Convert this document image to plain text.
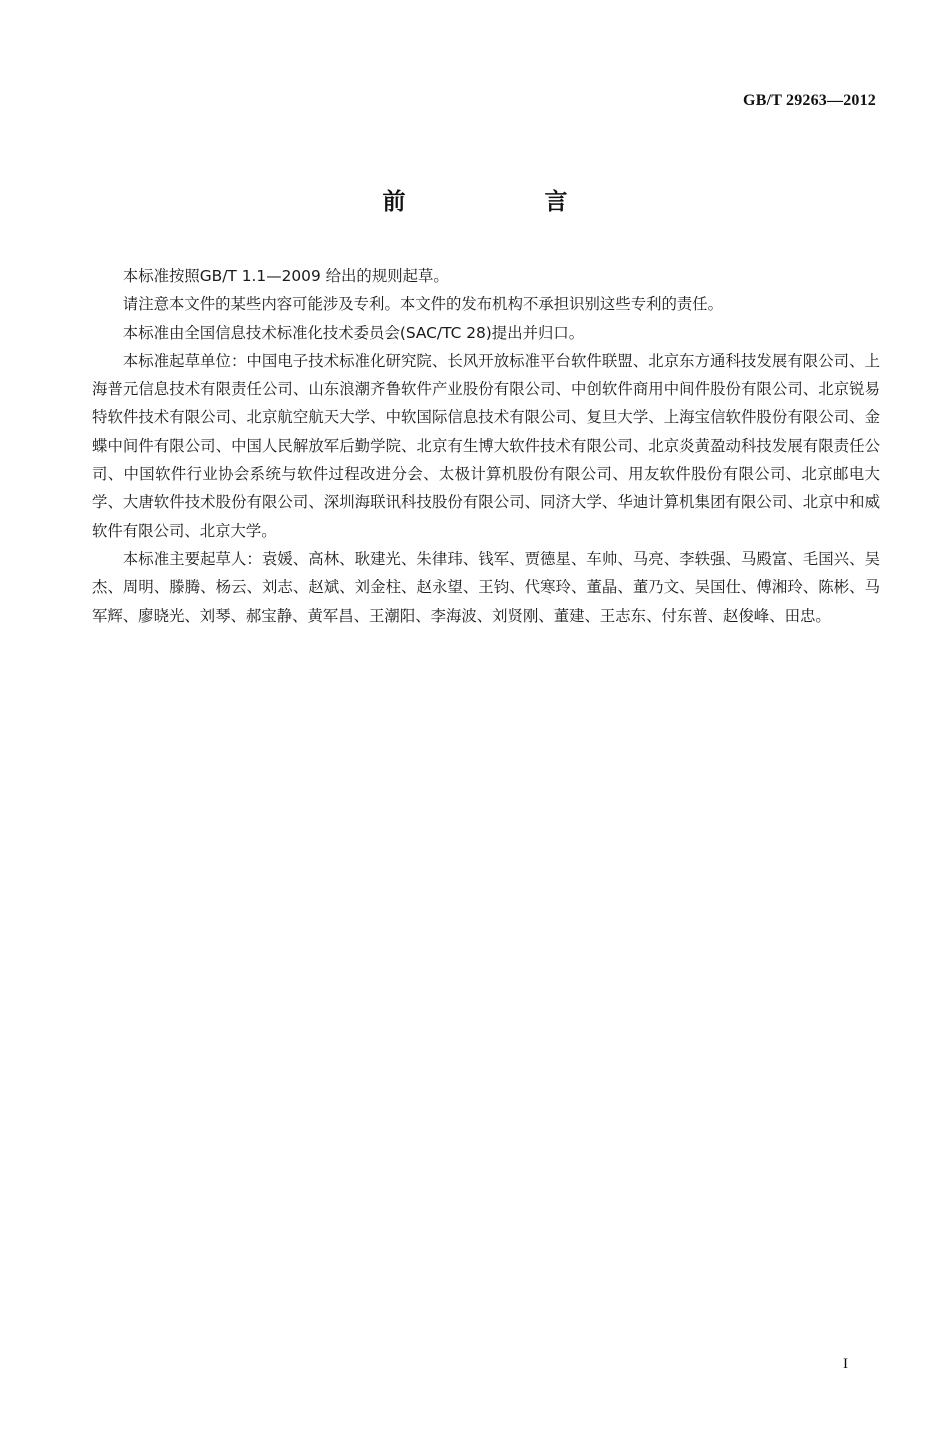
GB/T 29263—2012
前　言

本标准按照GB/T 1.1—2009 给出的规则起草。

请注意本文件的某些内容可能涉及专利。本文件的发布机构不承担识别这些专利的责任。

本标准由全国信息技术标准化技术委员会(SAC/TC 28)提出并归口。

本标准起草单位：中国电子技术标准化研究院、长风开放标准平台软件联盟、北京东方通科技发展有限公司、上海普元信息技术有限责任公司、山东浪潮齐鲁软件产业股份有限公司、中创软件商用中间件股份有限公司、北京锐易特软件技术有限公司、北京航空航天大学、中软国际信息技术有限公司、复旦大学、上海宝信软件股份有限公司、金蝶中间件有限公司、中国人民解放军后勤学院、北京有生博大软件技术有限公司、北京炎黄盈动科技发展有限责任公司、中国软件行业协会系统与软件过程改进分会、太极计算机股份有限公司、用友软件股份有限公司、北京邮电大学、大唐软件技术股份有限公司、深圳海联讯科技股份有限公司、同济大学、华迪计算机集团有限公司、北京中和威软件有限公司、北京大学。

本标准主要起草人：袁媛、高林、耿建光、朱律玮、钱军、贾德星、车帅、马亮、李轶强、马殿富、毛国兴、吴杰、周明、滕腾、杨云、刘志、赵斌、刘金柱、赵永望、王钧、代寒玲、董晶、董乃文、吴国仕、傅湘玲、陈彬、马军辉、廖晓光、刘琴、郝宝静、黄军昌、王潮阳、李海波、刘贤刚、董建、王志东、付东普、赵俊峰、田忠。

I
